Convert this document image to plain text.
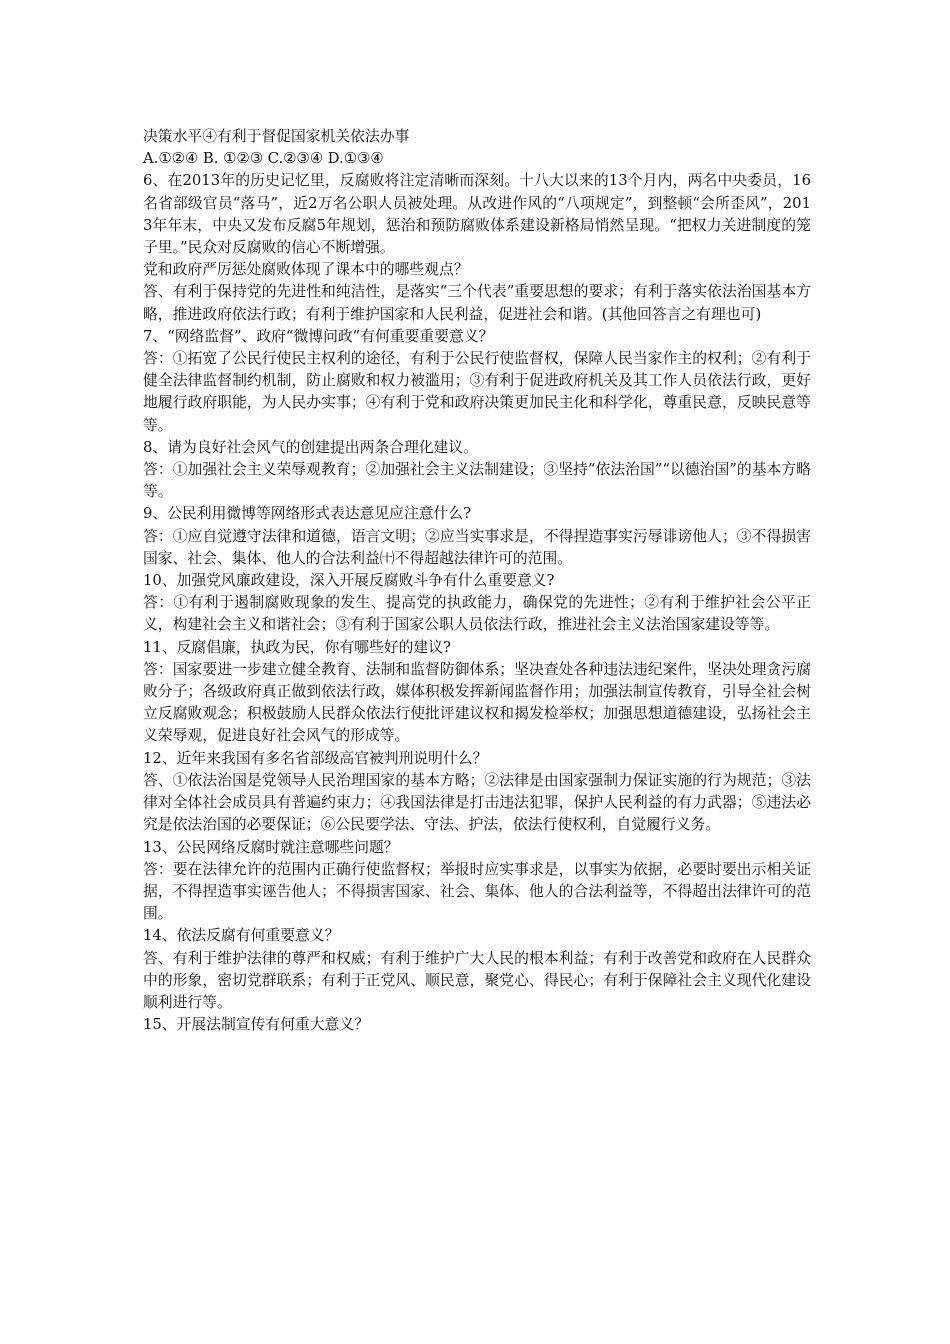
决策水平④有利于督促国家机关依法办事

A.①②④ B. ①②③ C.②③④ D.①③④

6、在2013年的历史记忆里，反腐败将注定清晰而深刻。十八大以来的13个月内，两名中央委员，16名省部级官员“落马”，近2万名公职人员被处理。从改进作风的“八项规定”，到整顿“会所歪风”，2013年年末，中央又发布反腐5年规划，惩治和预防腐败体系建设新格局悄然呈现。“把权力关进制度的笼子里。”民众对反腐败的信心不断增强。

党和政府严厉惩处腐败体现了课本中的哪些观点？

答、有利于保持党的先进性和纯洁性，是落实“三个代表”重要思想的要求；有利于落实依法治国基本方略，推进政府依法行政；有利于维护国家和人民利益，促进社会和谐。(其他回答言之有理也可)

7、“网络监督”、政府“微博问政”有何重要重要意义？

答：①拓宽了公民行使民主权利的途径，有利于公民行使监督权，保障人民当家作主的权利；②有利于健全法律监督制约机制，防止腐败和权力被滥用；③有利于促进政府机关及其工作人员依法行政，更好地履行政府职能，为人民办实事；④有利于党和政府决策更加民主化和科学化，尊重民意，反映民意等等。

8、请为良好社会风气的创建提出两条合理化建议。

答：①加强社会主义荣辱观教育；②加强社会主义法制建设；③坚持“依法治国”“以德治国”的基本方略等。

9、公民利用微博等网络形式表达意见应注意什么?

答：①应自觉遵守法律和道德，语言文明；②应当实事求是，不得捏造事实污辱诽谤他人；③不得损害国家、社会、集体、他人的合法利益㈩不得超越法律许可的范围。

10、加强党风廉政建设，深入开展反腐败斗争有什么重要意义?

答：①有利于遏制腐败现象的发生、提高党的执政能力，确保党的先进性；②有利于维护社会公平正义，构建社会主义和谐社会；③有利于国家公职人员依法行政，推进社会主义法治国家建设等等。

11、反腐倡廉，执政为民，你有哪些好的建议?

答：国家要进一步建立健全教育、法制和监督防御体系；坚决查处各种违法违纪案件，坚决处理贪污腐败分子；各级政府真正做到依法行政，媒体积极发挥新闻监督作用；加强法制宣传教育，引导全社会树立反腐败观念；积极鼓励人民群众依法行使批评建议权和揭发检举权；加强思想道德建设，弘扬社会主义荣辱观，促进良好社会风气的形成等。

12、近年来我国有多名省部级高官被判刑说明什么？

答、①依法治国是党领导人民治理国家的基本方略；②法律是由国家强制力保证实施的行为规范；③法律对全体社会成员具有普遍约束力；④我国法律是打击违法犯罪，保护人民利益的有力武器；⑤违法必究是依法治国的必要保证；⑥公民要学法、守法、护法，依法行使权利，自觉履行义务。

13、公民网络反腐时就注意哪些问题？

答：要在法律允许的范围内正确行使监督权；举报时应实事求是，以事实为依据，必要时要出示相关证据，不得捏造事实诬告他人；不得损害国家、社会、集体、他人的合法利益等，不得超出法律许可的范围。

14、依法反腐有何重要意义？

答、有利于维护法律的尊严和权威；有利于维护广大人民的根本利益；有利于改善党和政府在人民群众中的形象，密切党群联系；有利于正党风、顺民意，聚党心、得民心；有利于保障社会主义现代化建设顺利进行等。

15、开展法制宣传有何重大意义？
